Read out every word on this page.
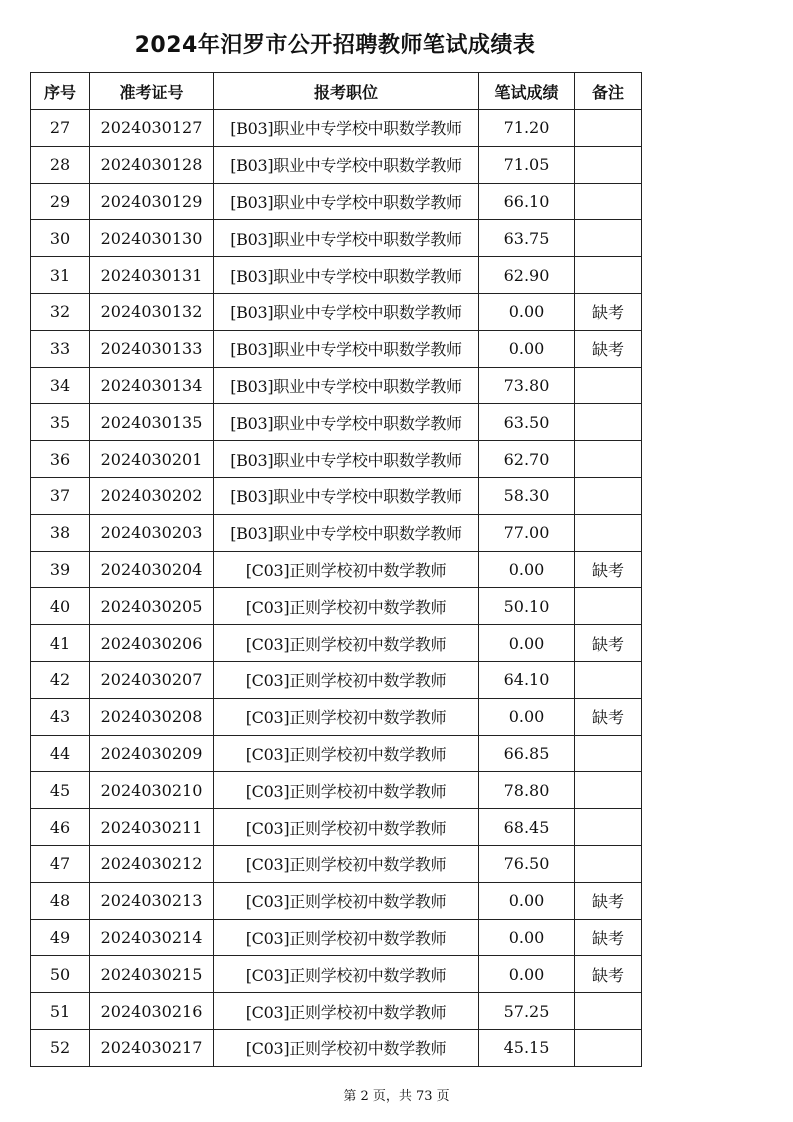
2024年汨罗市公开招聘教师笔试成绩表
序号	准考证号	报考职位	笔试成绩	备注
27	2024030127	[B03]职业中专学校中职数学教师	71.20	
28	2024030128	[B03]职业中专学校中职数学教师	71.05	
29	2024030129	[B03]职业中专学校中职数学教师	66.10	
30	2024030130	[B03]职业中专学校中职数学教师	63.75	
31	2024030131	[B03]职业中专学校中职数学教师	62.90	
32	2024030132	[B03]职业中专学校中职数学教师	0.00	缺考
33	2024030133	[B03]职业中专学校中职数学教师	0.00	缺考
34	2024030134	[B03]职业中专学校中职数学教师	73.80	
35	2024030135	[B03]职业中专学校中职数学教师	63.50	
36	2024030201	[B03]职业中专学校中职数学教师	62.70	
37	2024030202	[B03]职业中专学校中职数学教师	58.30	
38	2024030203	[B03]职业中专学校中职数学教师	77.00	
39	2024030204	[C03]正则学校初中数学教师	0.00	缺考
40	2024030205	[C03]正则学校初中数学教师	50.10	
41	2024030206	[C03]正则学校初中数学教师	0.00	缺考
42	2024030207	[C03]正则学校初中数学教师	64.10	
43	2024030208	[C03]正则学校初中数学教师	0.00	缺考
44	2024030209	[C03]正则学校初中数学教师	66.85	
45	2024030210	[C03]正则学校初中数学教师	78.80	
46	2024030211	[C03]正则学校初中数学教师	68.45	
47	2024030212	[C03]正则学校初中数学教师	76.50	
48	2024030213	[C03]正则学校初中数学教师	0.00	缺考
49	2024030214	[C03]正则学校初中数学教师	0.00	缺考
50	2024030215	[C03]正则学校初中数学教师	0.00	缺考
51	2024030216	[C03]正则学校初中数学教师	57.25	
52	2024030217	[C03]正则学校初中数学教师	45.15	
第 2 页，共 73 页
